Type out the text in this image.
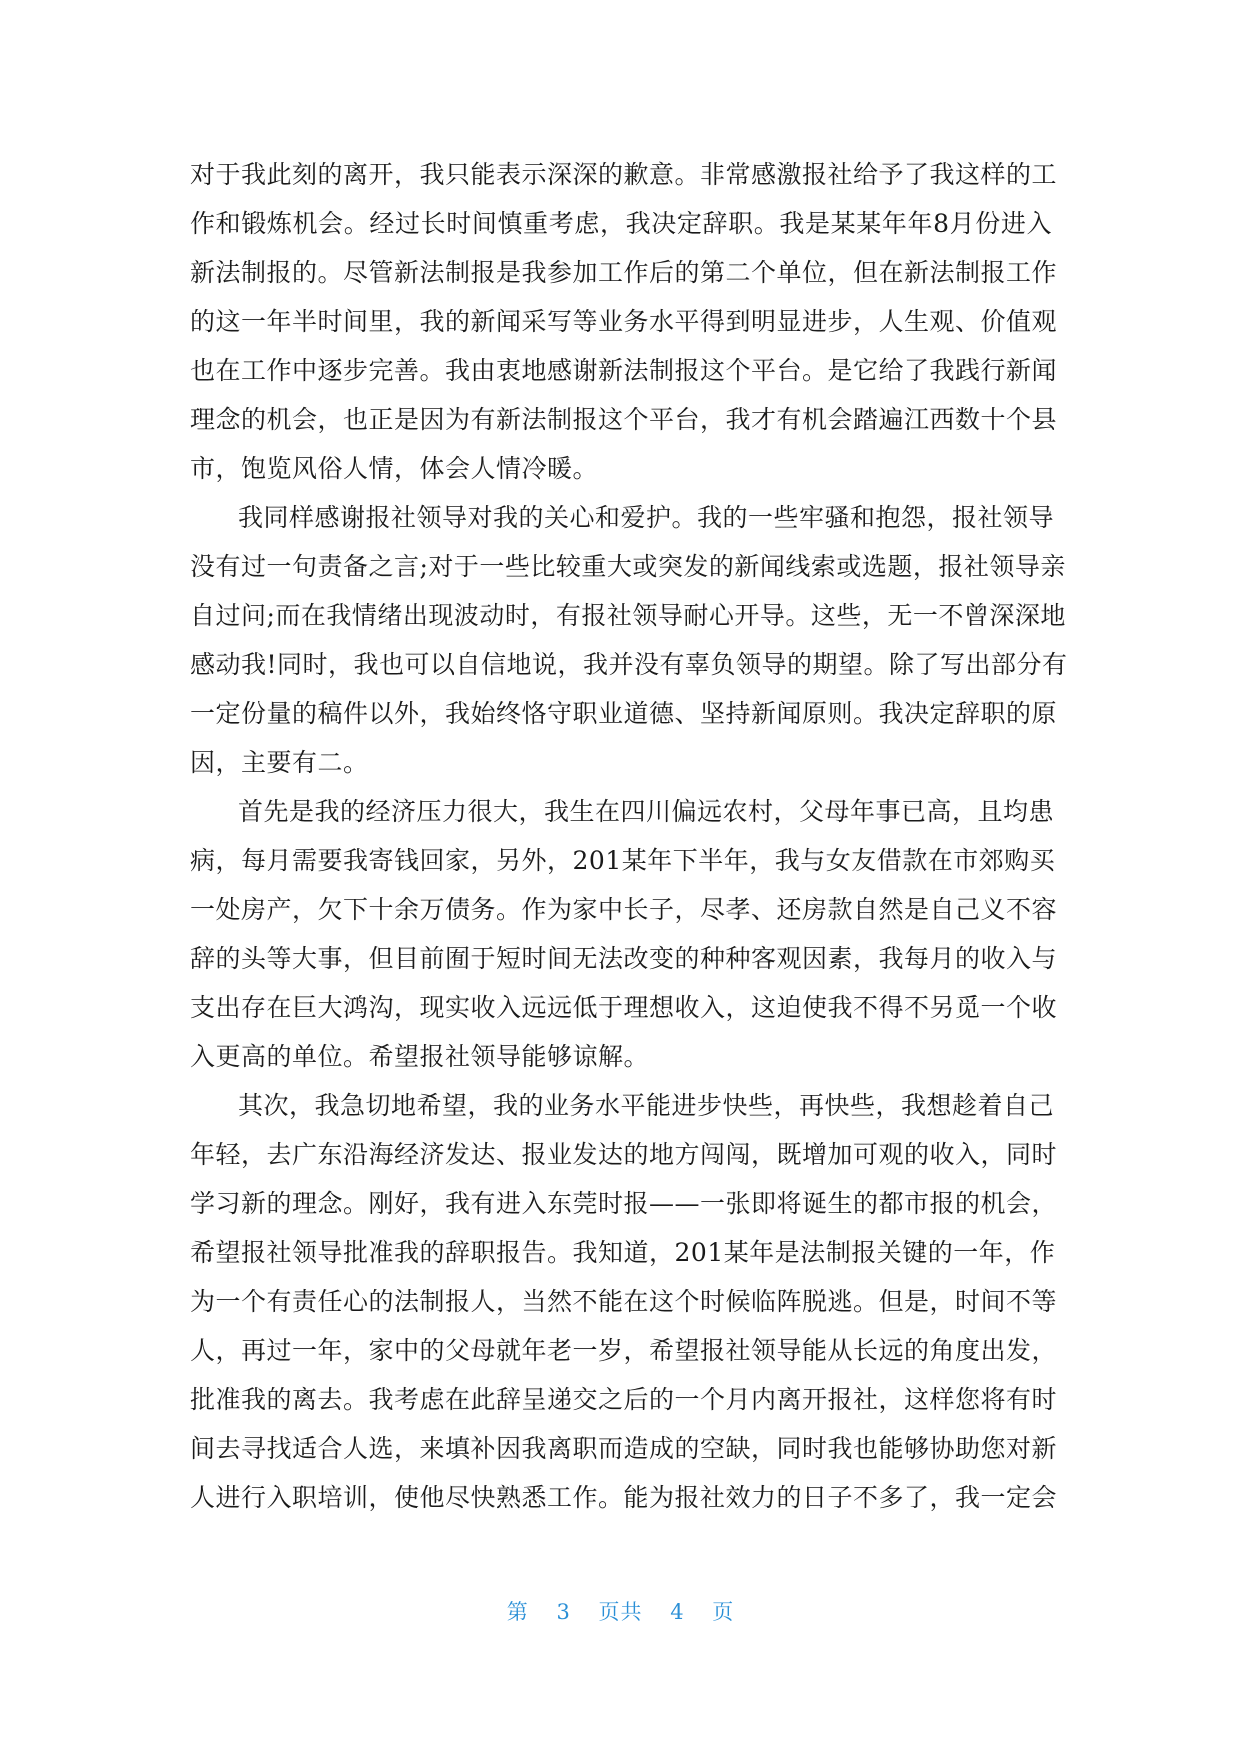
对于我此刻的离开，我只能表示深深的歉意。非常感激报社给予了我这样的工
作和锻炼机会。经过长时间慎重考虑，我决定辞职。我是某某年年8月份进入
新法制报的。尽管新法制报是我参加工作后的第二个单位，但在新法制报工作
的这一年半时间里，我的新闻采写等业务水平得到明显进步，人生观、价值观
也在工作中逐步完善。我由衷地感谢新法制报这个平台。是它给了我践行新闻
理念的机会，也正是因为有新法制报这个平台，我才有机会踏遍江西数十个县
市，饱览风俗人情，体会人情冷暖。
我同样感谢报社领导对我的关心和爱护。我的一些牢骚和抱怨，报社领导
没有过一句责备之言;对于一些比较重大或突发的新闻线索或选题，报社领导亲
自过问;而在我情绪出现波动时，有报社领导耐心开导。这些，无一不曾深深地
感动我!同时，我也可以自信地说，我并没有辜负领导的期望。除了写出部分有
一定份量的稿件以外，我始终恪守职业道德、坚持新闻原则。我决定辞职的原
因，主要有二。
首先是我的经济压力很大，我生在四川偏远农村，父母年事已高，且均患
病，每月需要我寄钱回家，另外，201某年下半年，我与女友借款在市郊购买
一处房产，欠下十余万债务。作为家中长子，尽孝、还房款自然是自己义不容
辞的头等大事，但目前囿于短时间无法改变的种种客观因素，我每月的收入与
支出存在巨大鸿沟，现实收入远远低于理想收入，这迫使我不得不另觅一个收
入更高的单位。希望报社领导能够谅解。
其次，我急切地希望，我的业务水平能进步快些，再快些，我想趁着自己
年轻，去广东沿海经济发达、报业发达的地方闯闯，既增加可观的收入，同时
学习新的理念。刚好，我有进入东莞时报——一张即将诞生的都市报的机会，
希望报社领导批准我的辞职报告。我知道，201某年是法制报关键的一年，作
为一个有责任心的法制报人，当然不能在这个时候临阵脱逃。但是，时间不等
人，再过一年，家中的父母就年老一岁，希望报社领导能从长远的角度出发，
批准我的离去。我考虑在此辞呈递交之后的一个月内离开报社，这样您将有时
间去寻找适合人选，来填补因我离职而造成的空缺，同时我也能够协助您对新
人进行入职培训，使他尽快熟悉工作。能为报社效力的日子不多了，我一定会
第 3 页共 4 页
